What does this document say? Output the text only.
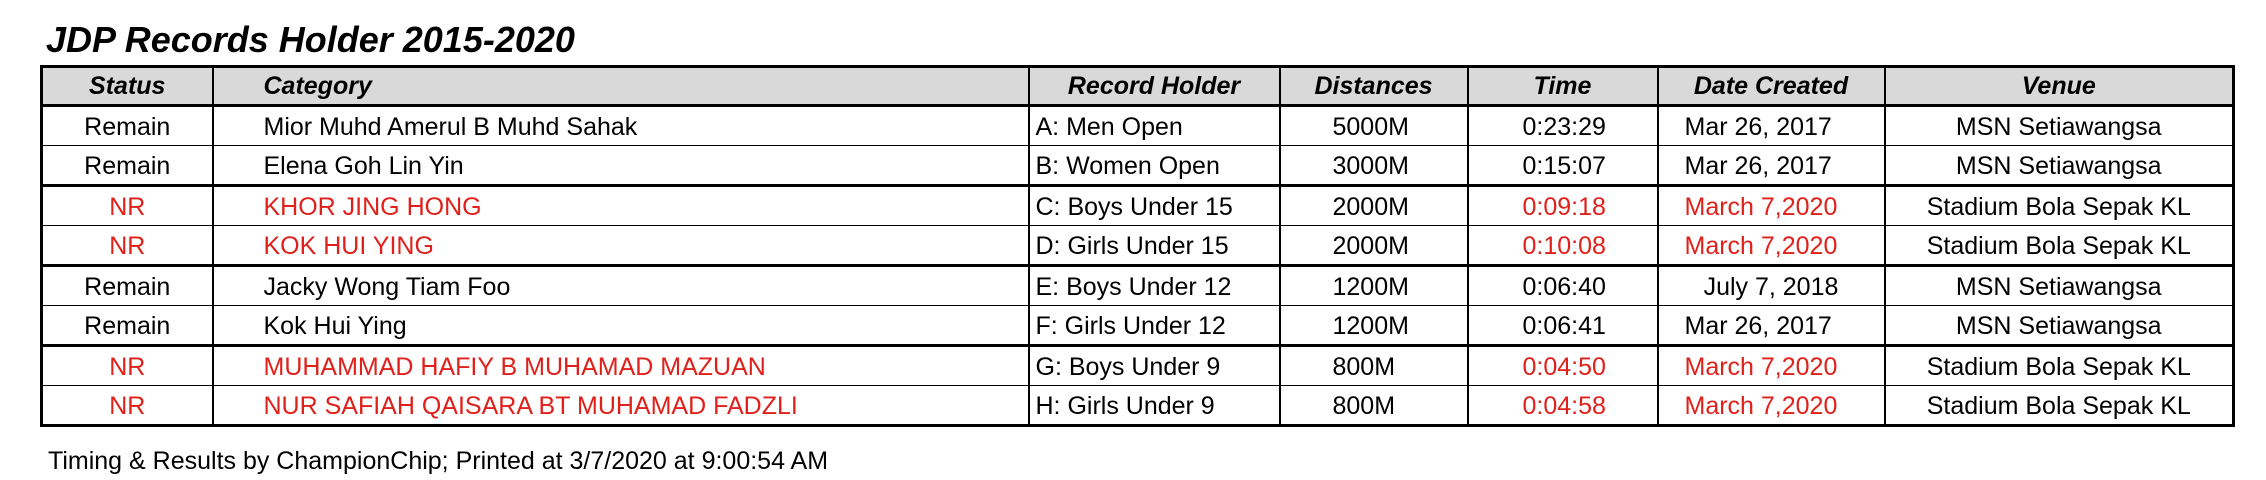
JDP Records Holder 2015-2020
Status	Category	Record Holder	Distances	Time	Date Created	Venue
Remain	Mior Muhd Amerul B Muhd Sahak	A: Men Open	5000M	0:23:29	Mar 26, 2017	MSN Setiawangsa
Remain	Elena Goh Lin Yin	B: Women Open	3000M	0:15:07	Mar 26, 2017	MSN Setiawangsa
NR	KHOR JING HONG	C: Boys Under 15	2000M	0:09:18	March 7,2020	Stadium Bola Sepak KL
NR	KOK HUI YING	D: Girls Under 15	2000M	0:10:08	March 7,2020	Stadium Bola Sepak KL
Remain	Jacky Wong Tiam Foo	E: Boys Under 12	1200M	0:06:40	July 7, 2018	MSN Setiawangsa
Remain	Kok Hui Ying	F: Girls Under 12	1200M	0:06:41	Mar 26, 2017	MSN Setiawangsa
NR	MUHAMMAD HAFIY B MUHAMAD MAZUAN	G: Boys Under 9	800M	0:04:50	March 7,2020	Stadium Bola Sepak KL
NR	NUR SAFIAH QAISARA BT MUHAMAD FADZLI	H: Girls Under 9	800M	0:04:58	March 7,2020	Stadium Bola Sepak KL
Timing & Results by ChampionChip; Printed at 3/7/2020 at 9:00:54 AM
